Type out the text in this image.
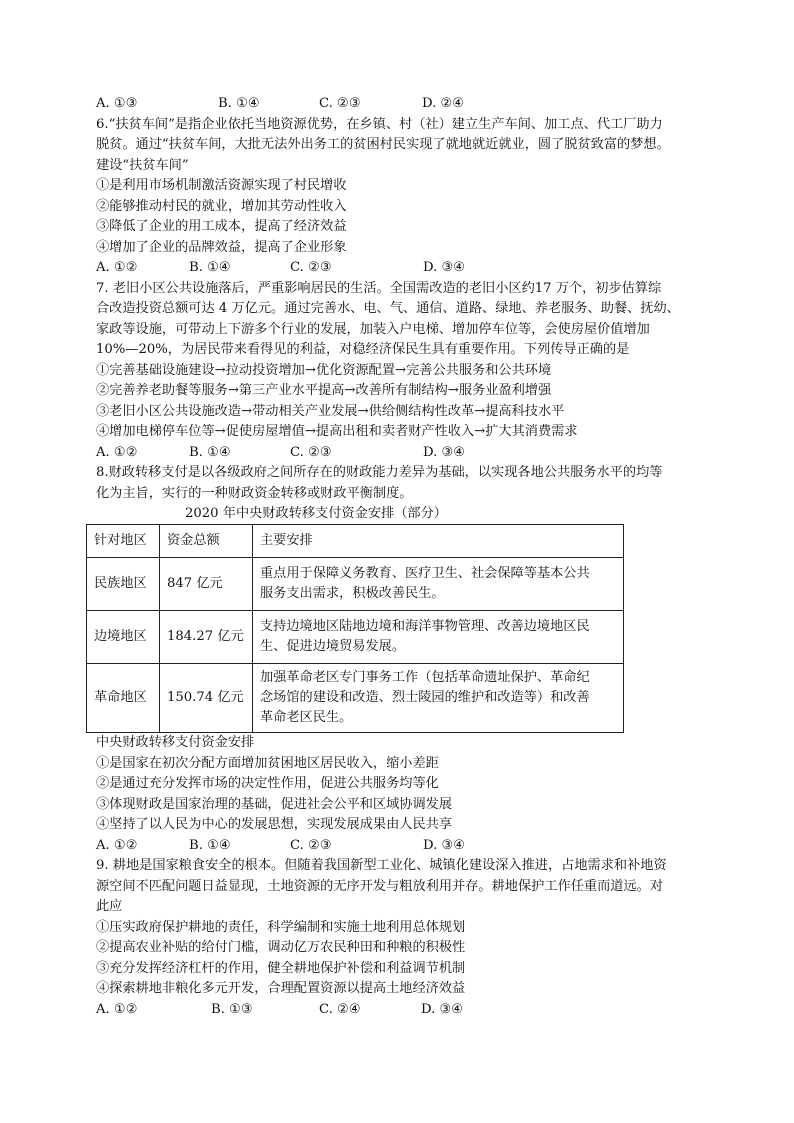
A. ①③	B. ①④	C. ②③	D. ②④
6.“扶贫车间”是指企业依托当地资源优势，在乡镇、村（社）建立生产车间、加工点、代工厂助力
脱贫。通过“扶贫车间，大批无法外出务工的贫困村民实现了就地就近就业，圆了脱贫致富的梦想。
建设“扶贫车间”
①是利用市场机制激活资源实现了村民增收
②能够推动村民的就业，增加其劳动性收入
③降低了企业的用工成本，提高了经济效益
④增加了企业的品牌效益，提高了企业形象
A. ①②	B. ①④	C. ②③	D. ③④
7. 老旧小区公共设施落后，严重影响居民的生活。全国需改造的老旧小区约17 万个，初步估算综
合改造投资总额可达 4 万亿元。通过完善水、电、气、通信、道路、绿地、养老服务、助餐、抚幼、
家政等设施，可带动上下游多个行业的发展，加装入户电梯、增加停车位等，会使房屋价值增加
10%—20%，为居民带来看得见的利益，对稳经济保民生具有重要作用。下列传导正确的是
①完善基础设施建设→拉动投资增加→优化资源配置→完善公共服务和公共环境
②完善养老助餐等服务→第三产业水平提高→改善所有制结构→服务业盈利增强
③老旧小区公共设施改造→带动相关产业发展→供给侧结构性改革→提高科技水平
④增加电梯停车位等→促使房屋增值→提高出租和卖者财产性收入→扩大其消费需求
A. ①②	B. ①④	C. ②③	D. ③④
8.财政转移支付是以各级政府之间所存在的财政能力差异为基础，以实现各地公共服务水平的均等
化为主旨，实行的一种财政资金转移或财政平衡制度。
2020 年中央财政转移支付资金安排（部分）
针对地区	资金总额	主要安排
民族地区	847 亿元	重点用于保障义务教育、医疗卫生、社会保障等基本公共
服务支出需求，积极改善民生。

边境地区	184.27 亿元	支持边境地区陆地边境和海洋事物管理、改善边境地区民
生、促进边境贸易发展。

革命地区	150.74 亿元	加强革命老区专门事务工作（包括革命遗址保护、革命纪
念场馆的建设和改造、烈士陵园的维护和改造等）和改善
革命老区民生。
中央财政转移支付资金安排
①是国家在初次分配方面增加贫困地区居民收入，缩小差距
②是通过充分发挥市场的决定性作用，促进公共服务均等化
③体现财政是国家治理的基础，促进社会公平和区域协调发展
④坚持了以人民为中心的发展思想，实现发展成果由人民共享
A. ①②	B. ①④	C. ②③	D. ③④
9. 耕地是国家粮食安全的根本。但随着我国新型工业化、城镇化建设深入推进，占地需求和补地资
源空间不匹配问题日益显现，土地资源的无序开发与粗放利用并存。耕地保护工作任重而道远。对
此应
①压实政府保护耕地的责任，科学编制和实施土地利用总体规划
②提高农业补贴的给付门槛，调动亿万农民种田和种粮的积极性
③充分发挥经济杠杆的作用，健全耕地保护补偿和利益调节机制
④探索耕地非粮化多元开发，合理配置资源以提高土地经济效益
A. ①②	B. ①③	C. ②④	D. ③④
